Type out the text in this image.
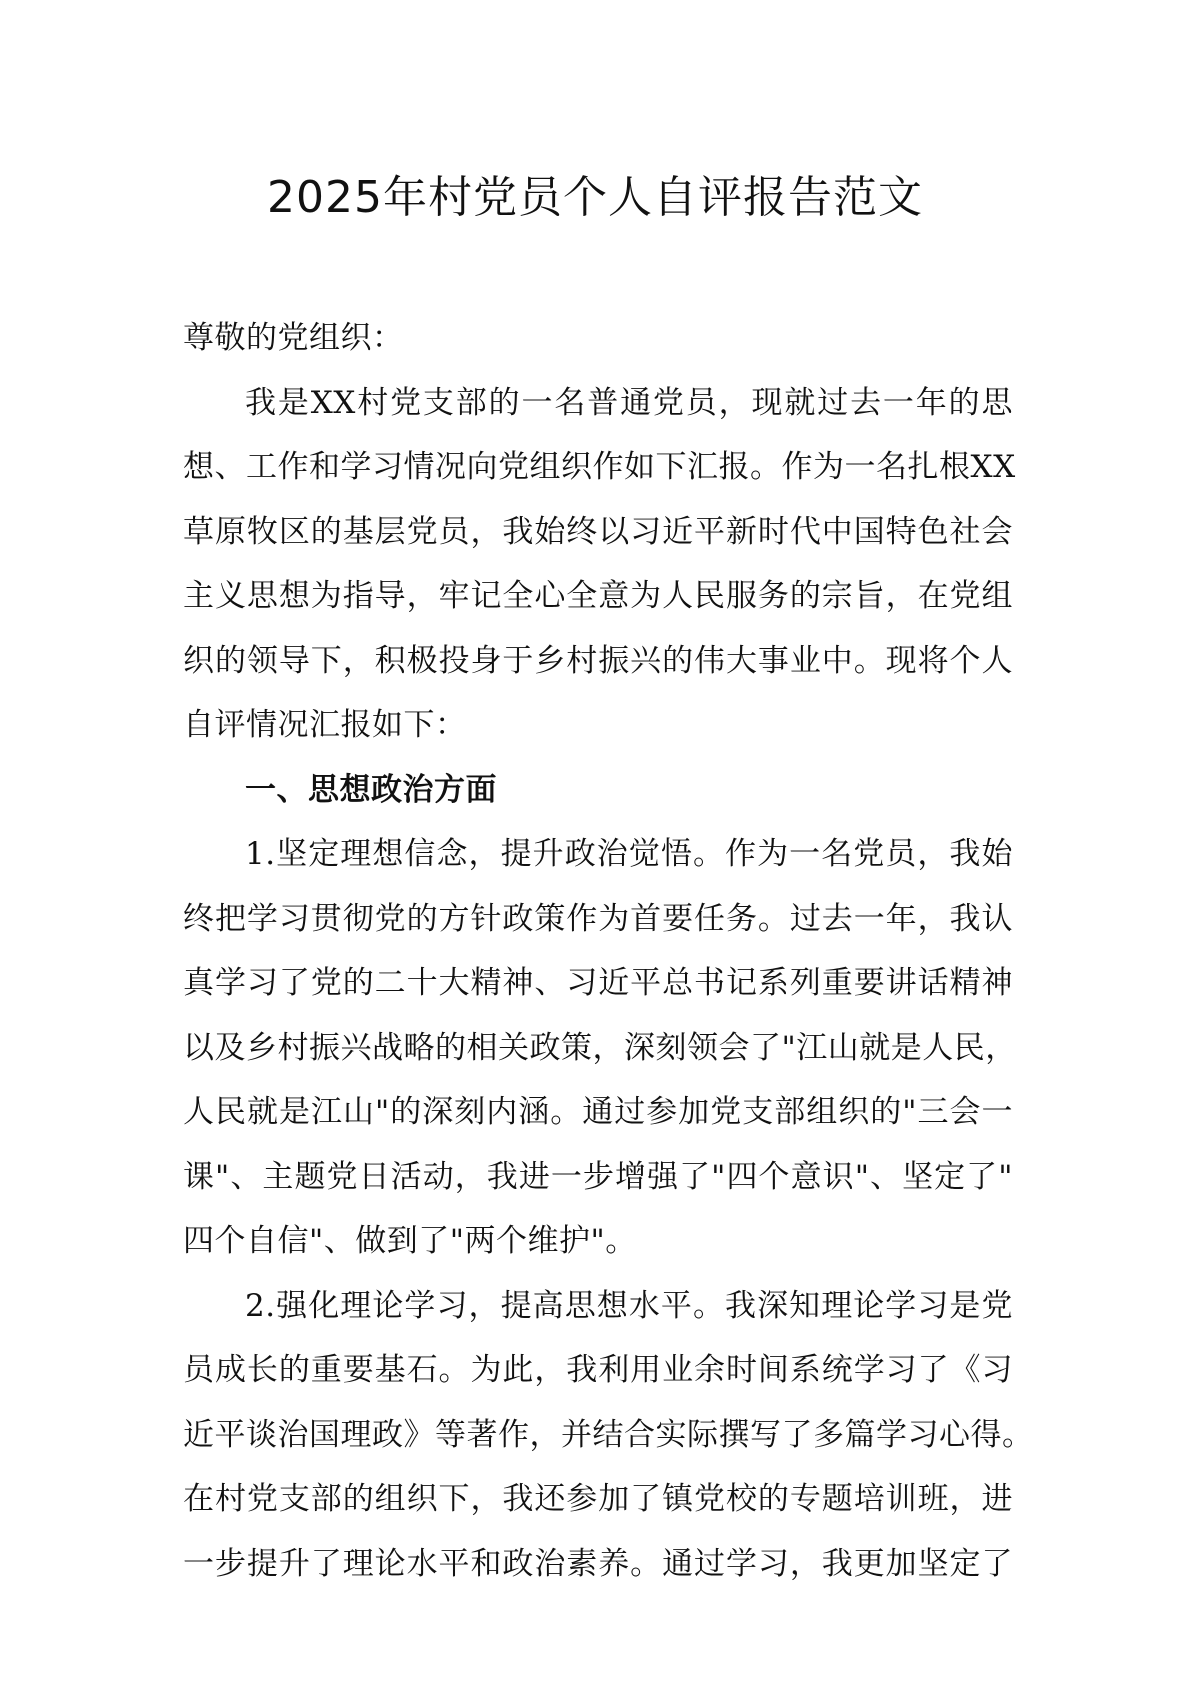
2025年村党员个人自评报告范文
尊敬的党组织：
我是XX村党支部的一名普通党员，现就过去一年的思
想、工作和学习情况向党组织作如下汇报。作为一名扎根XX
草原牧区的基层党员，我始终以习近平新时代中国特色社会
主义思想为指导，牢记全心全意为人民服务的宗旨，在党组
织的领导下，积极投身于乡村振兴的伟大事业中。现将个人
自评情况汇报如下：
一、思想政治方面
1.坚定理想信念，提升政治觉悟。作为一名党员，我始
终把学习贯彻党的方针政策作为首要任务。过去一年，我认
真学习了党的二十大精神、习近平总书记系列重要讲话精神
以及乡村振兴战略的相关政策，深刻领会了"江山就是人民，
人民就是江山"的深刻内涵。通过参加党支部组织的"三会一
课"、主题党日活动，我进一步增强了"四个意识"、坚定了"
四个自信"、做到了"两个维护"。
2.强化理论学习，提高思想水平。我深知理论学习是党
员成长的重要基石。为此，我利用业余时间系统学习了《习
近平谈治国理政》等著作，并结合实际撰写了多篇学习心得。
在村党支部的组织下，我还参加了镇党校的专题培训班，进
一步提升了理论水平和政治素养。通过学习，我更加坚定了
